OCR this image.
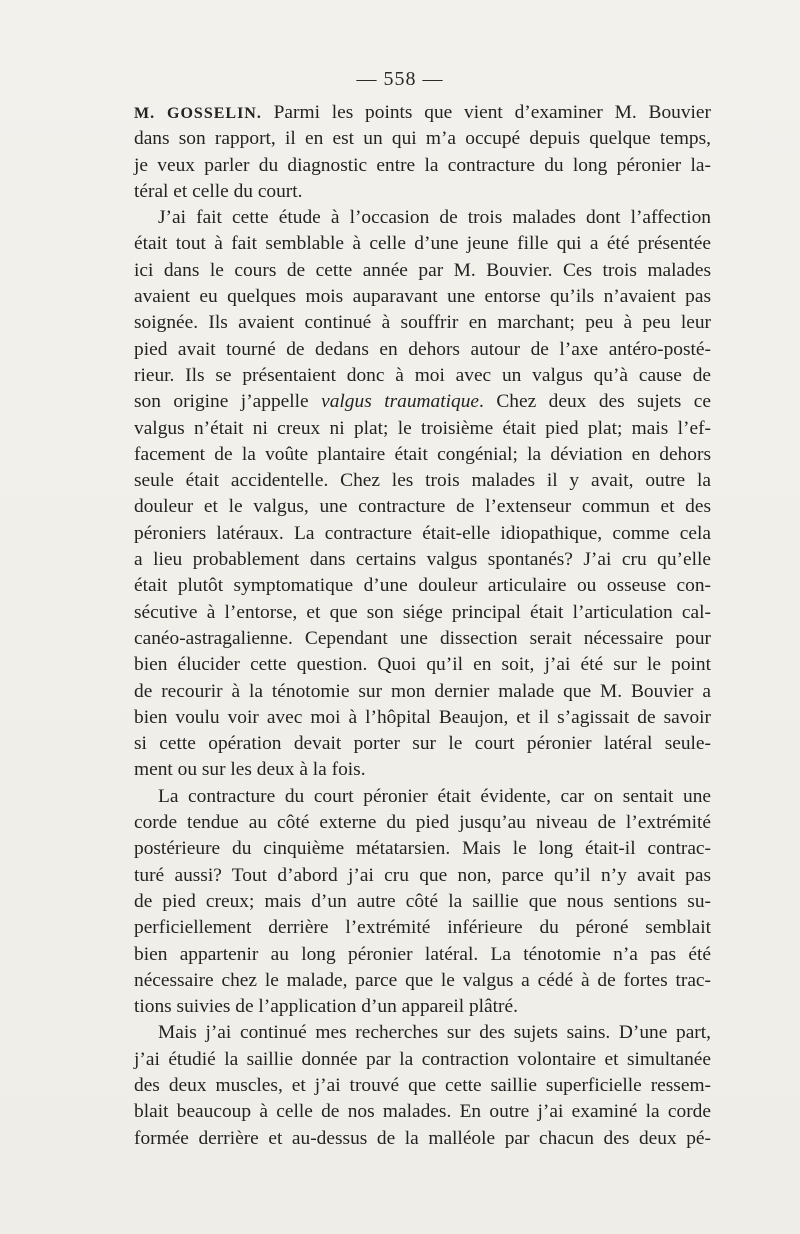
— 558 —
M. GOSSELIN. Parmi les points que vient d’examiner M. Bouvier
dans son rapport, il en est un qui m’a occupé depuis quelque temps,
je veux parler du diagnostic entre la contracture du long péronier la-
téral et celle du court.
J’ai fait cette étude à l’occasion de trois malades dont l’affection
était tout à fait semblable à celle d’une jeune fille qui a été présentée
ici dans le cours de cette année par M. Bouvier. Ces trois malades
avaient eu quelques mois auparavant une entorse qu’ils n’avaient pas
soignée. Ils avaient continué à souffrir en marchant; peu à peu leur
pied avait tourné de dedans en dehors autour de l’axe antéro-posté-
rieur. Ils se présentaient donc à moi avec un valgus qu’à cause de
son origine j’appelle valgus traumatique. Chez deux des sujets ce
valgus n’était ni creux ni plat; le troisième était pied plat; mais l’ef-
facement de la voûte plantaire était congénial; la déviation en dehors
seule était accidentelle. Chez les trois malades il y avait, outre la
douleur et le valgus, une contracture de l’extenseur commun et des
péroniers latéraux. La contracture était-elle idiopathique, comme cela
a lieu probablement dans certains valgus spontanés? J’ai cru qu’elle
était plutôt symptomatique d’une douleur articulaire ou osseuse con-
sécutive à l’entorse, et que son siége principal était l’articulation cal-
canéo-astragalienne. Cependant une dissection serait nécessaire pour
bien élucider cette question. Quoi qu’il en soit, j’ai été sur le point
de recourir à la ténotomie sur mon dernier malade que M. Bouvier a
bien voulu voir avec moi à l’hôpital Beaujon, et il s’agissait de savoir
si cette opération devait porter sur le court péronier latéral seule-
ment ou sur les deux à la fois.
La contracture du court péronier était évidente, car on sentait une
corde tendue au côté externe du pied jusqu’au niveau de l’extrémité
postérieure du cinquième métatarsien. Mais le long était-il contrac-
turé aussi? Tout d’abord j’ai cru que non, parce qu’il n’y avait pas
de pied creux; mais d’un autre côté la saillie que nous sentions su-
perficiellement derrière l’extrémité inférieure du péroné semblait
bien appartenir au long péronier latéral. La ténotomie n’a pas été
nécessaire chez le malade, parce que le valgus a cédé à de fortes trac-
tions suivies de l’application d’un appareil plâtré.
Mais j’ai continué mes recherches sur des sujets sains. D’une part,
j’ai étudié la saillie donnée par la contraction volontaire et simultanée
des deux muscles, et j’ai trouvé que cette saillie superficielle ressem-
blait beaucoup à celle de nos malades. En outre j’ai examiné la corde
formée derrière et au-dessus de la malléole par chacun des deux pé-
